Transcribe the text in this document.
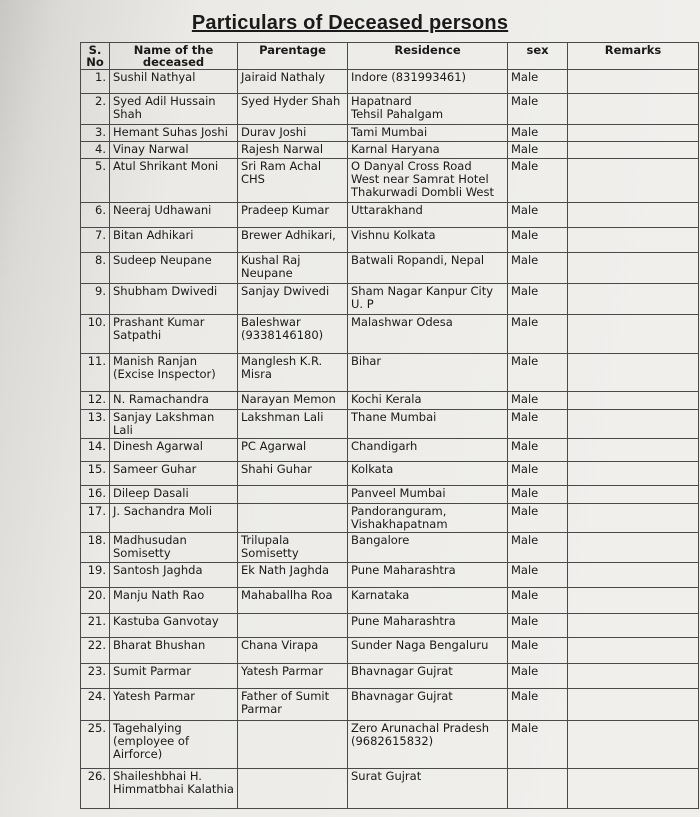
Particulars of Deceased persons
S. No	Name of the deceased	Parentage	Residence	sex	Remarks
1.	Sushil Nathyal	Jairaid Nathaly	Indore (831993461)	Male	
2.	Syed Adil Hussain
Shah	Syed Hyder Shah	Hapatnard
Tehsil Pahalgam	Male	
3.	Hemant Suhas Joshi	Durav Joshi	Tami Mumbai	Male	
4.	Vinay Narwal	Rajesh Narwal	Karnal Haryana	Male	
5.	Atul Shrikant Moni	Sri Ram Achal
CHS	O Danyal Cross Road
West near Samrat Hotel
Thakurwadi Dombli West	Male	
6.	Neeraj Udhawani	Pradeep Kumar	Uttarakhand	Male	
7.	Bitan Adhikari	Brewer Adhikari,	Vishnu Kolkata	Male	
8.	Sudeep Neupane	Kushal Raj
Neupane	Batwali Ropandi, Nepal	Male	
9.	Shubham Dwivedi	Sanjay Dwivedi	Sham Nagar Kanpur City
U. P	Male	
10.	Prashant Kumar
Satpathi	Baleshwar
(9338146180)	Malashwar Odesa	Male	
11.	Manish Ranjan
(Excise Inspector)	Manglesh K.R.
Misra	Bihar	Male	
12.	N. Ramachandra	Narayan Memon	Kochi Kerala	Male	
13.	Sanjay Lakshman
Lali	Lakshman Lali	Thane Mumbai	Male	
14.	Dinesh Agarwal	PC Agarwal	Chandigarh	Male	
15.	Sameer Guhar	Shahi Guhar	Kolkata	Male	
16.	Dileep Dasali		Panveel Mumbai	Male	
17.	J. Sachandra Moli		Pandoranguram,
Vishakhapatnam	Male	
18.	Madhusudan
Somisetty	Trilupala
Somisetty	Bangalore	Male	
19.	Santosh Jaghda	Ek Nath Jaghda	Pune Maharashtra	Male	
20.	Manju Nath Rao	Mahaballha Roa	Karnataka	Male	
21.	Kastuba Ganvotay		Pune Maharashtra	Male	
22.	Bharat Bhushan	Chana Virapa	Sunder Naga Bengaluru	Male	
23.	Sumit Parmar	Yatesh Parmar	Bhavnagar Gujrat	Male	
24.	Yatesh Parmar	Father of Sumit
Parmar	Bhavnagar Gujrat	Male	
25.	Tagehalying
(employee of
Airforce)		Zero Arunachal Pradesh
(9682615832)	Male	
26.	Shaileshbhai H.
Himmatbhai Kalathia		Surat Gujrat		
